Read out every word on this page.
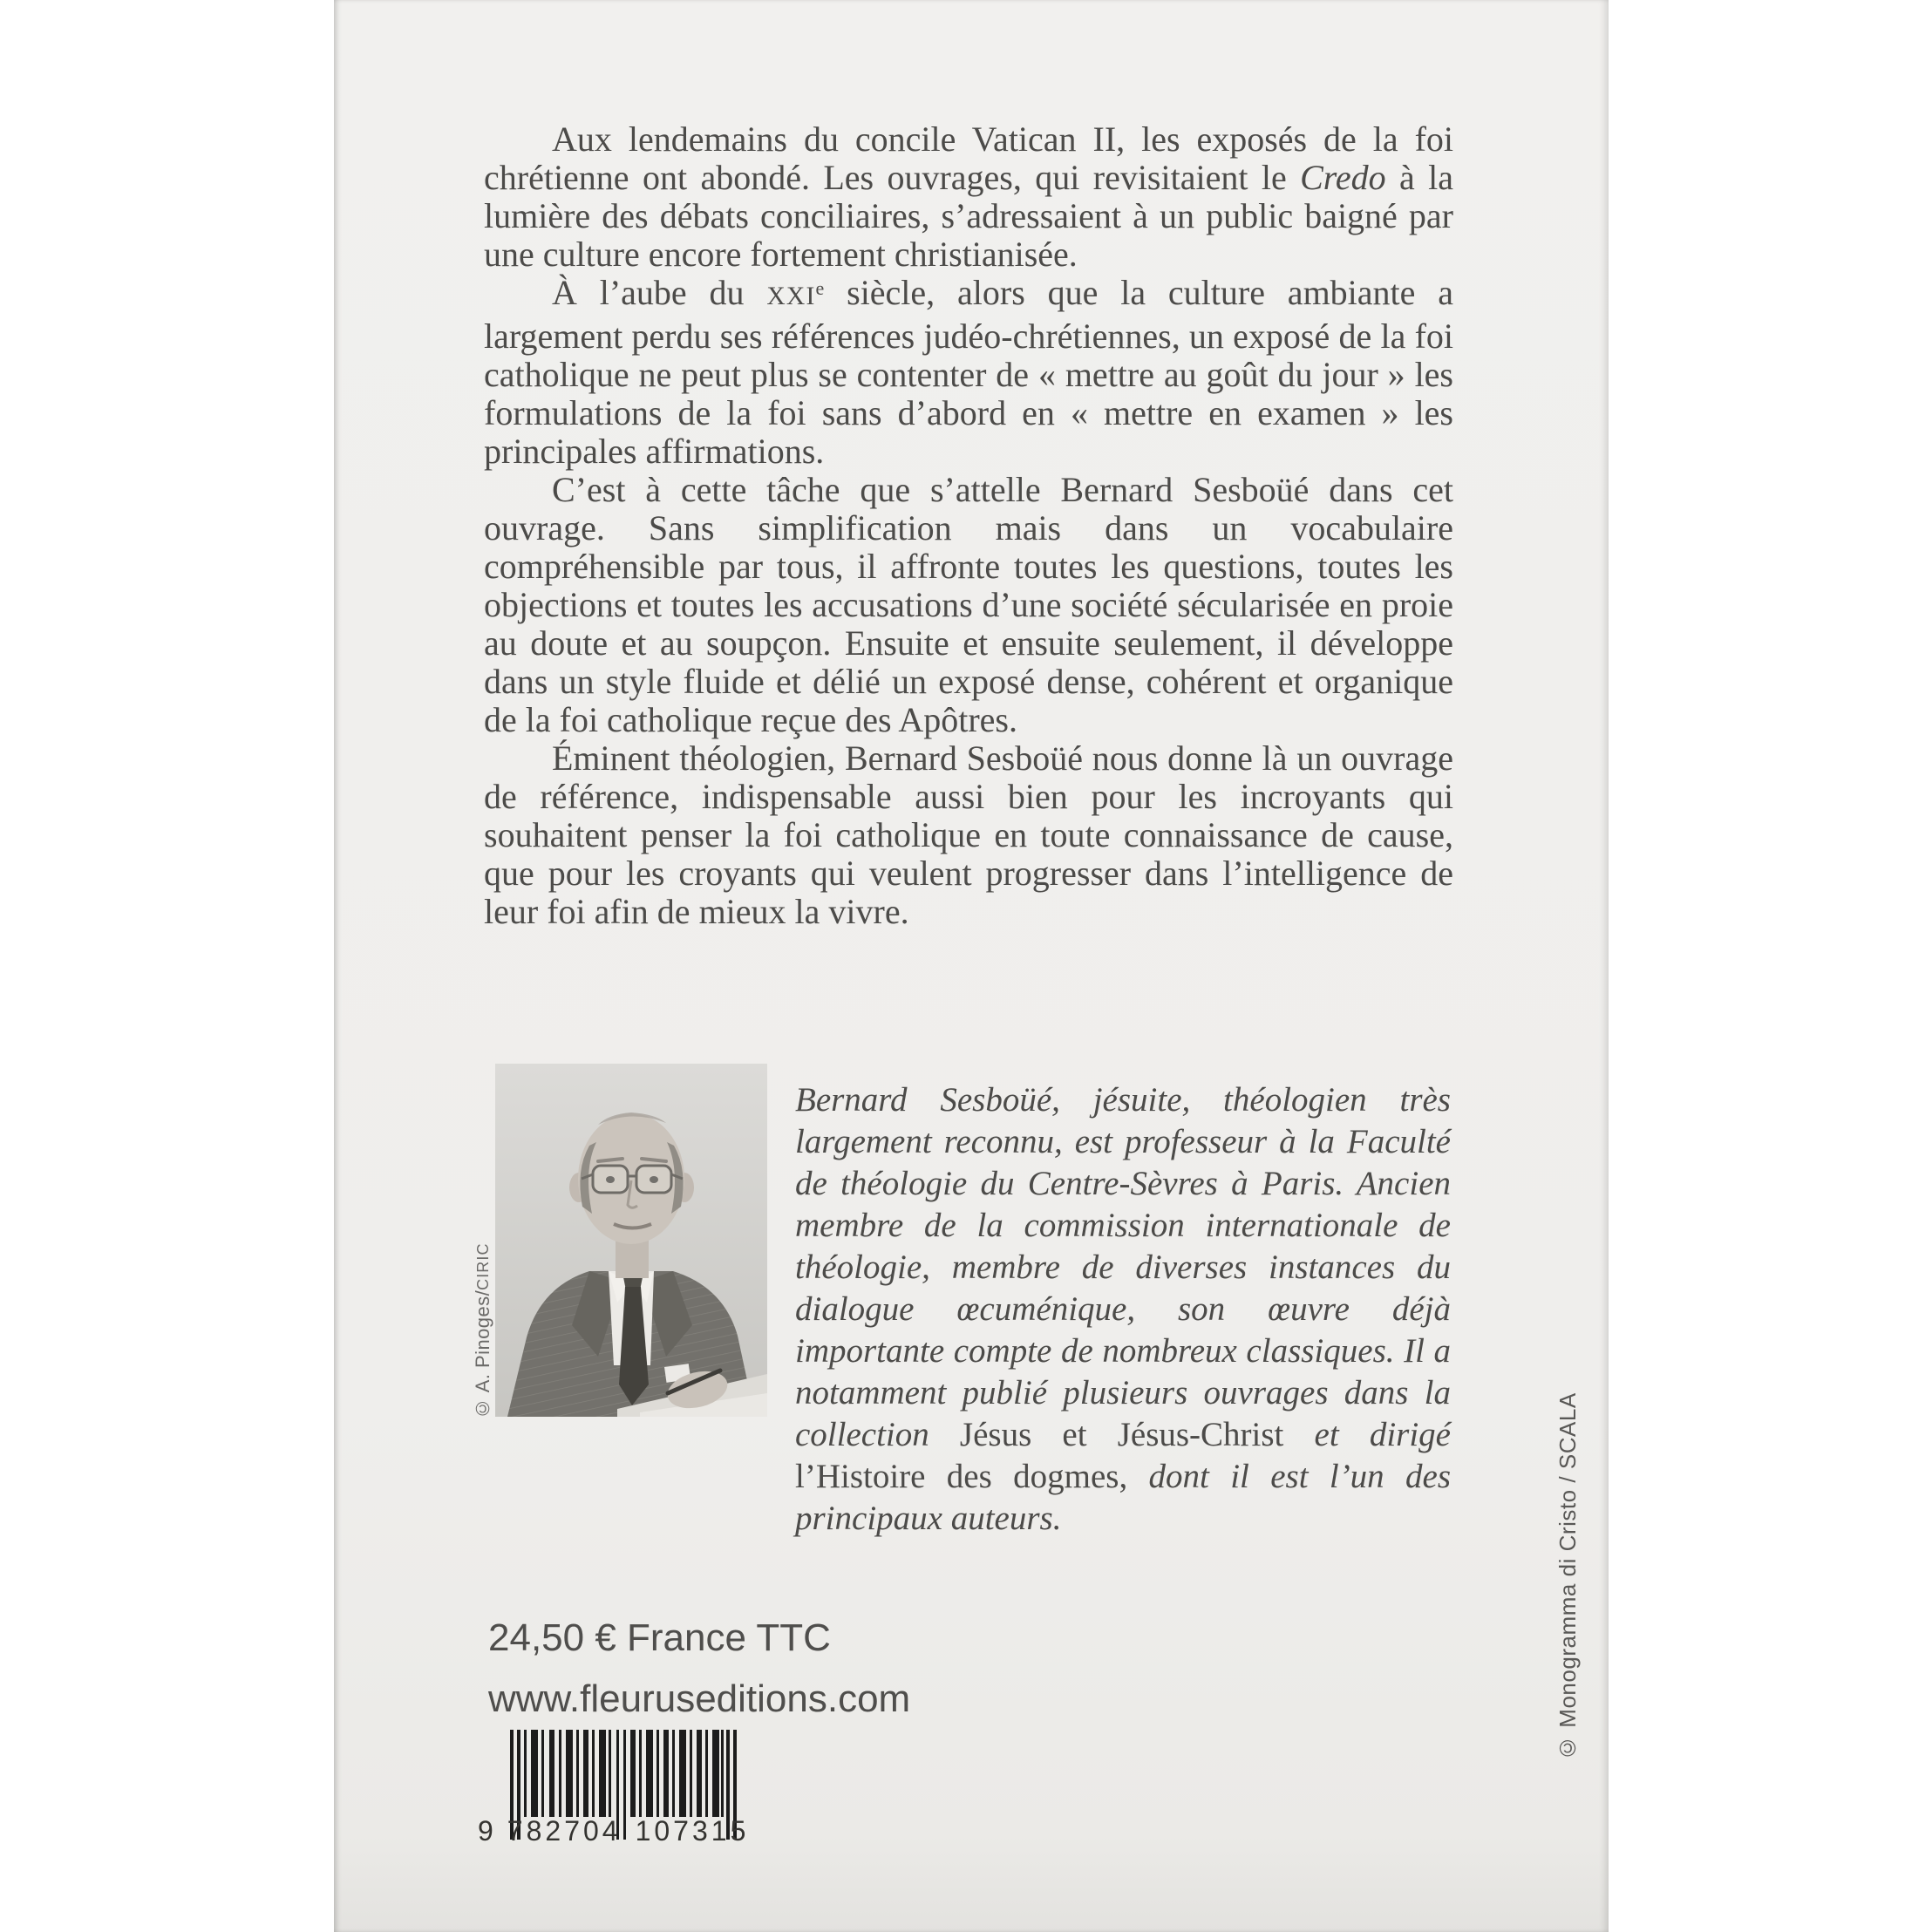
Aux lendemains du concile Vatican II, les exposés de la foi chrétienne ont abondé. Les ouvrages, qui revisitaient le Credo à la lumière des débats conciliaires, s’adressaient à un public baigné par une culture encore fortement christianisée.

À l’aube du XXIe siècle, alors que la culture ambiante a largement perdu ses références judéo-chrétiennes, un exposé de la foi catholique ne peut plus se contenter de « mettre au goût du jour » les formulations de la foi sans d’abord en « mettre en examen » les principales affirmations.

C’est à cette tâche que s’attelle Bernard Sesboüé dans cet ouvrage. Sans simplification mais dans un vocabulaire compréhensible par tous, il affronte toutes les questions, toutes les objections et toutes les accusations d’une société sécularisée en proie au doute et au soupçon. Ensuite et ensuite seulement, il développe dans un style fluide et délié un exposé dense, cohérent et organique de la foi catholique reçue des Apôtres.

Éminent théologien, Bernard Sesboüé nous donne là un ouvrage de référence, indispensable aussi bien pour les incroyants qui souhaitent penser la foi catholique en toute connaissance de cause, que pour les croyants qui veulent progresser dans l’intelligence de leur foi afin de mieux la vivre.

© A. Pinoges/CIRIC
Bernard Sesboüé, jésuite, théologien très largement reconnu, est professeur à la Faculté de théologie du Centre-Sèvres à Paris. Ancien membre de la commission internationale de théologie, membre de diverses instances du dialogue œcuménique, son œuvre déjà importante compte de nombreux classiques. Il a notamment publié plusieurs ouvrages dans la collection Jésus et Jésus-Christ et dirigé l’Histoire des dogmes, dont il est l’un des principaux auteurs.
24,50 € France TTC
www.fleuruseditions.com
9 782704 107315
© Monogramma di Cristo / SCALA
